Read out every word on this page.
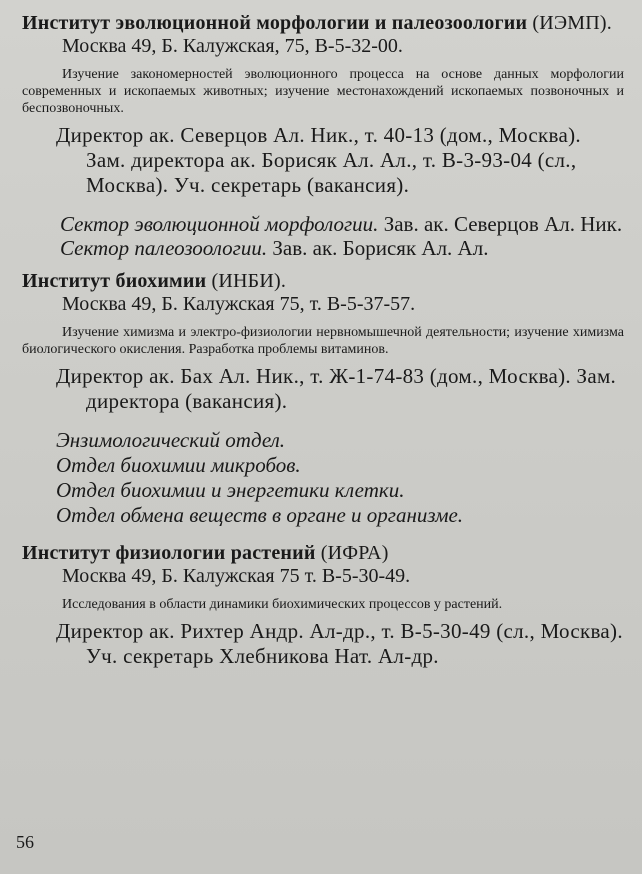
Институт эволюционной морфологии и палеозоологии (ИЭМП).

Москва 49, Б. Калужская, 75, В-5-32-00.

Изучение закономерностей эволюционного процесса на основе данных морфологии современных и ископаемых животных; изучение местонахождений ископаемых позвоночных и беспозвоночных.

Директор ак. Северцов Ал. Ник., т. 40-13 (дом., Москва). Зам. директора ак. Борисяк Ал. Ал., т. В-3-93-04 (сл., Москва). Уч. секретарь (вакансия).

Сектор эволюционной морфологии. Зав. ак. Северцов Ал. Ник.

Сектор палеозоологии. Зав. ак. Борисяк Ал. Ал.

Институт биохимии (ИНБИ).

Москва 49, Б. Калужская 75, т. В-5-37-57.

Изучение химизма и электро-физиологии нервномышечной деятельности; изучение химизма биологического окисления. Разработка проблемы витаминов.

Директор ак. Бах Ал. Ник., т. Ж-1-74-83 (дом., Москва). Зам. директора (вакансия).

Энзимологический отдел.

Отдел биохимии микробов.

Отдел биохимии и энергетики клетки.

Отдел обмена веществ в органе и организме.

Институт физиологии растений (ИФРА)

Москва 49, Б. Калужская 75 т. В-5-30-49.

Исследования в области динамики биохимических процессов у растений.

Директор ак. Рихтер Андр. Ал-др., т. В-5-30-49 (сл., Москва). Уч. секретарь Хлебникова Нат. Ал-др.

56
